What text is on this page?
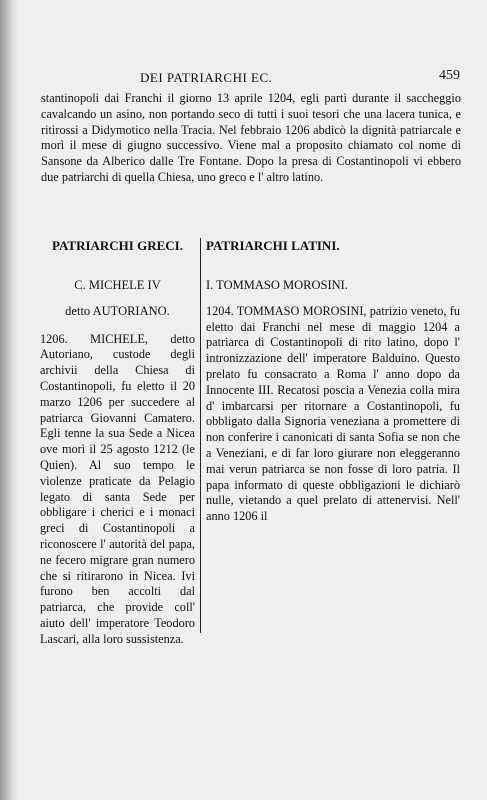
DEI PATRIARCHI EC.	459

stantinopoli dai Franchi il giorno 13 aprile 1204, egli partì durante il saccheggio cavalcando un asino, non portando seco di tutti i suoi tesori che una lacera tunica, e ritirossi a Didymotico nella Tracia. Nel febbraio 1206 abdicò la dignità patriarcale e morì il mese di giugno successivo. Viene mal a proposito chiamato col nome di Sansone da Alberico dalle Tre Fontane. Dopo la presa di Costantinopoli vi ebbero due patriarchi di quella Chiesa, uno greco e l' altro latino.

PATRIARCHI GRECI.
C. MICHELE IV
detto AUTORIANO.

1206. MICHELE, detto Autoriano, custode degli archivii della Chiesa di Costantinopoli, fu eletto il 20 marzo 1206 per succedere al patriarca Giovanni Camatero. Egli tenne la sua Sede a Nicea ove morì il 25 agosto 1212 (le Quien). Al suo tempo le violenze praticate da Pelagio legato di santa Sede per obbligare i cherici e i monaci greci di Costantinopoli a riconoscere l' autorità del papa, ne fecero migrare gran numero che si ritirarono in Nicea. Ivi furono ben accolti dal patriarca, che provide coll' aiuto dell' imperatore Teodoro Lascari, alla loro sussistenza.

PATRIARCHI LATINI.
I. TOMMASO MOROSINI.

1204. TOMMASO MOROSINI, patrizio veneto, fu eletto dai Franchi nel mese di maggio 1204 a patriarca di Costantinopoli di rito latino, dopo l' intronizzazione dell' imperatore Balduino. Questo prelato fu consacrato a Roma l' anno dopo da Innocente III. Recatosi poscia a Venezia colla mira d' imbarcarsi per ritornare a Costantinopoli, fu obbligato dalla Signoria veneziana a promettere di non conferire i canonicati di santa Sofia se non che a Veneziani, e di far loro giurare non eleggeranno mai verun patriarca se non fosse di loro patria. Il papa informato di queste obbligazioni le dichiarò nulle, vietando a quel prelato di attenervisi. Nell' anno 1206 il
